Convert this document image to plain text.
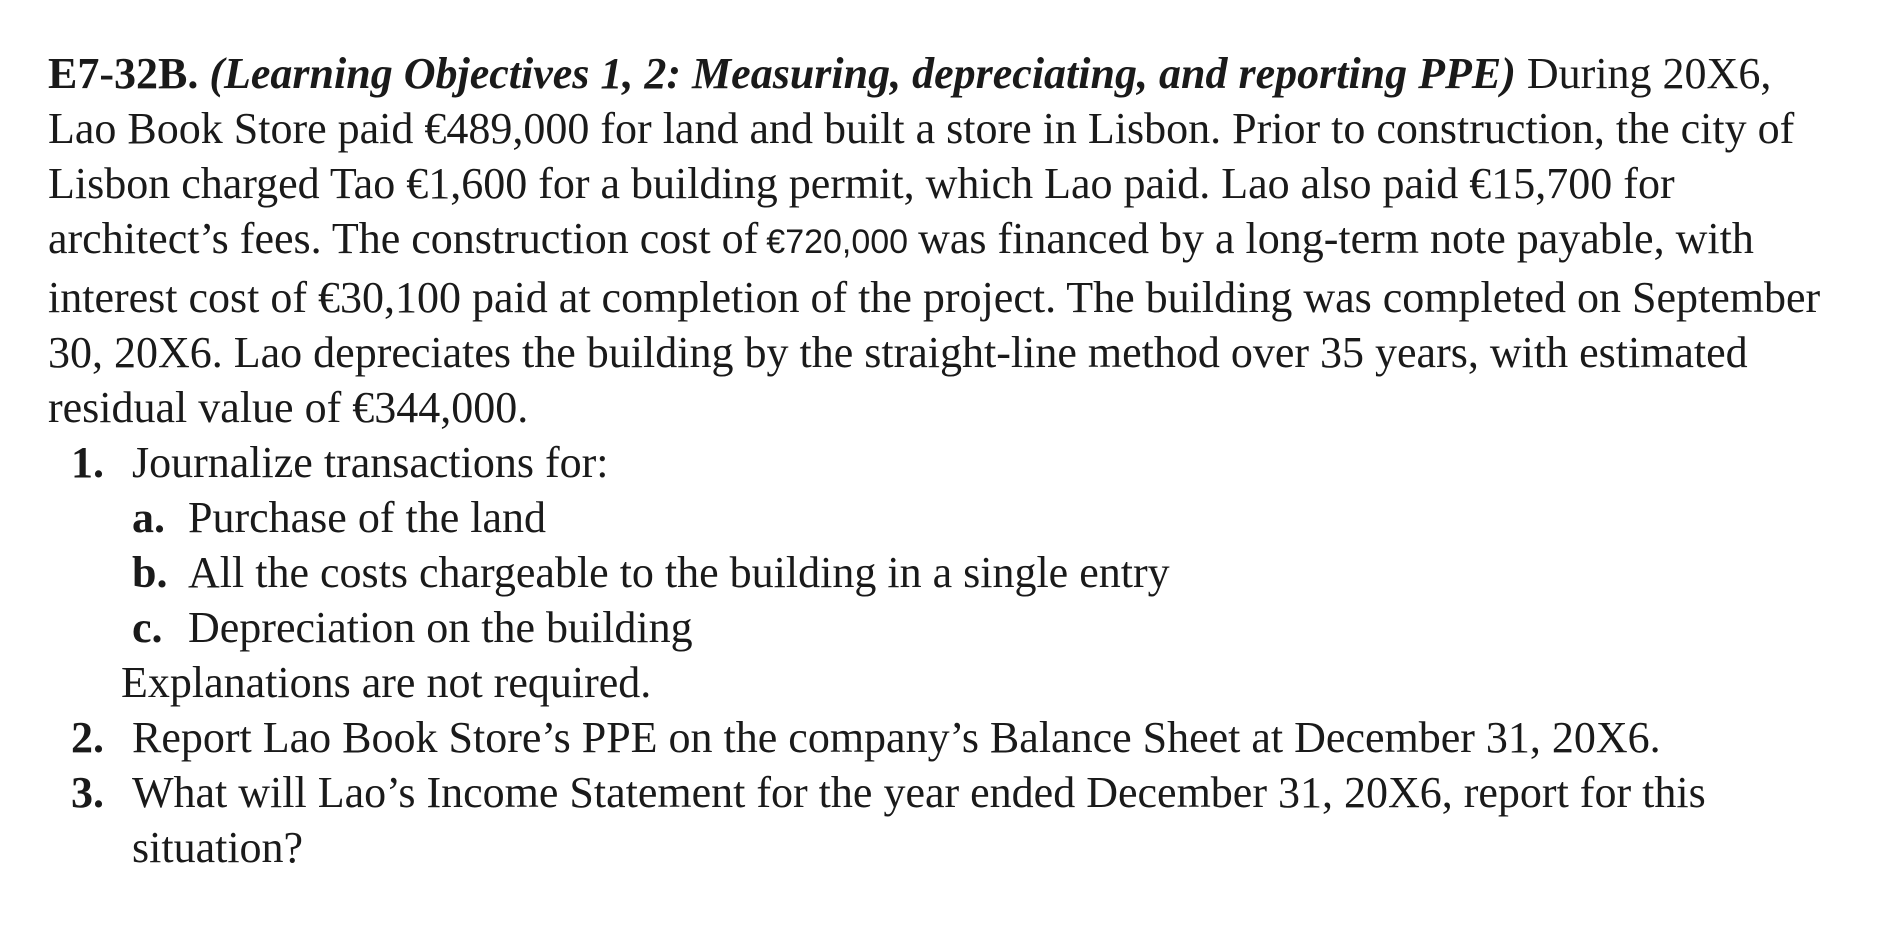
E7-32B. (Learning Objectives 1, 2: Measuring, depreciating, and reporting PPE) During 20X6, Lao Book Store paid €489,000 for land and built a store in Lisbon. Prior to construction, the city of Lisbon charged Tao €1,600 for a building permit, which Lao paid. Lao also paid €15,700 for architect’s fees. The construction cost of €720,000 was financed by a long-term note payable, with interest cost of €30,100 paid at completion of the project. The building was completed on September 30, 20X6. Lao depreciates the building by the straight-line method over 35 years, with estimated residual value of €344,000.

1. Journalize transactions for:
a. Purchase of the land
b. All the costs chargeable to the building in a single entry
c. Depreciation on the building

Explanations are not required.

2. Report Lao Book Store’s PPE on the company’s Balance Sheet at December 31, 20X6.
3. What will Lao’s Income Statement for the year ended December 31, 20X6, report for this situation?
